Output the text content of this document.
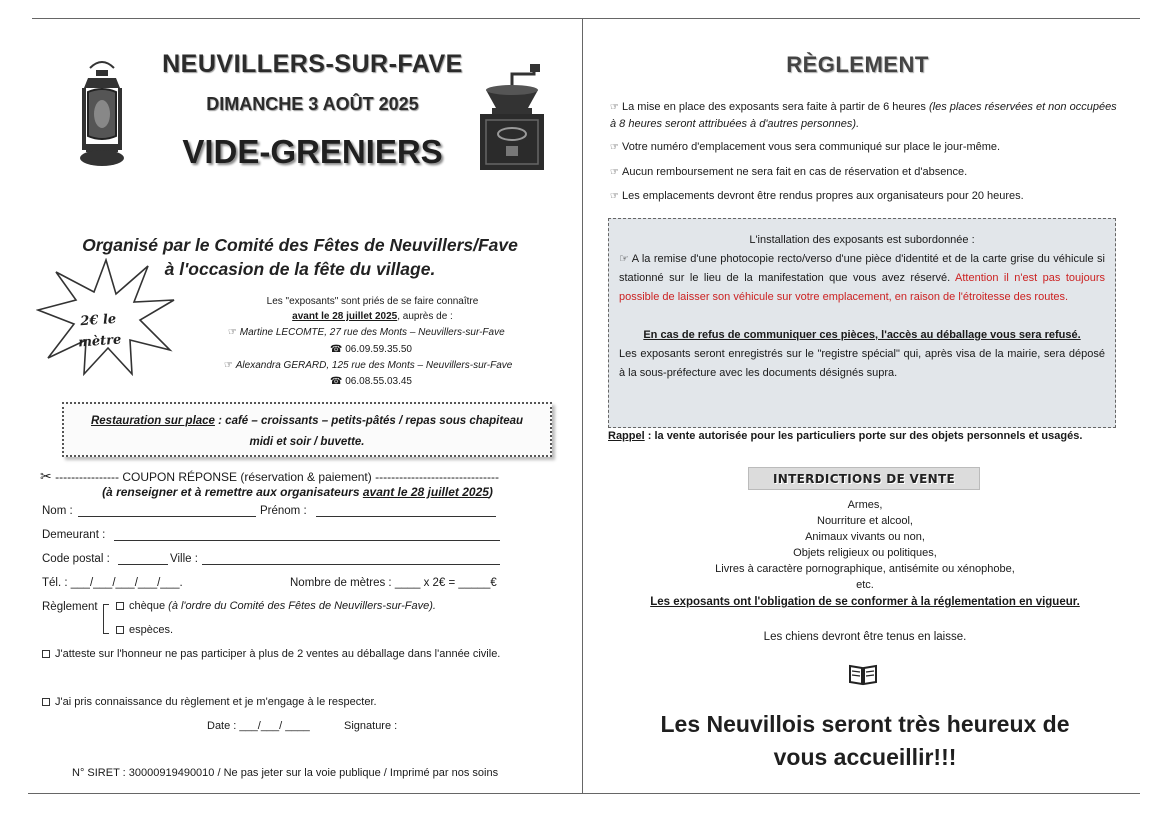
NEUVILLERS-SUR-FAVE
DIMANCHE 3 AOÛT 2025
VIDE-GRENIERS
Organisé par le Comité des Fêtes de Neuvillers/Fave
à l'occasion de la fête du village.
2€ le
mètre
Les "exposants" sont priés de se faire connaître
avant le 28 juillet 2025, auprès de :
☞ Martine LECOMTE, 27 rue des Monts – Neuvillers-sur-Fave
☎ 06.09.59.35.50
☞ Alexandra GERARD, 125 rue des Monts – Neuvillers-sur-Fave
☎ 06.08.55.03.45
Restauration sur place : café – croissants – petits-pâtés / repas sous chapiteau
midi et soir / buvette.
✂ ---------------- COUPON RÉPONSE (réservation & paiement) -------------------------------
(à renseigner et à remettre aux organisateurs avant le 28 juillet 2025)
Nom :	Prénom :
Demeurant :
Code postal :	Ville :
Tél. : ___/___/___/___/___.	Nombre de mètres : ____ x 2€ = _____€
Règlement	chèque (à l'ordre du Comité des Fêtes de Neuvillers-sur-Fave).
espèces.
J'atteste sur l'honneur ne pas participer à plus de 2 ventes au déballage dans l'année civile.
J'ai pris connaissance du règlement et je m'engage à le respecter.
Date : ___/___/ ____	Signature :
N° SIRET : 30000919490010 / Ne pas jeter sur la voie publique / Imprimé par nos soins
RÈGLEMENT
☞ La mise en place des exposants sera faite à partir de 6 heures (les places réservées et non occupées à 8 heures seront attribuées à d'autres personnes).
☞ Votre numéro d'emplacement vous sera communiqué sur place le jour-même.
☞ Aucun remboursement ne sera fait en cas de réservation et d'absence.
☞ Les emplacements devront être rendus propres aux organisateurs pour 20 heures.
L'installation des exposants est subordonnée :
☞ A la remise d'une photocopie recto/verso d'une pièce d'identité et de la carte grise du véhicule si stationné sur le lieu de la manifestation que vous avez réservé. Attention il n'est pas toujours possible de laisser son véhicule sur votre emplacement, en raison de l'étroitesse des routes.
En cas de refus de communiquer ces pièces, l'accès au déballage vous sera refusé.
Les exposants seront enregistrés sur le "registre spécial" qui, après visa de la mairie, sera déposé à la sous-préfecture avec les documents désignés supra.
Rappel : la vente autorisée pour les particuliers porte sur des objets personnels et usagés.
INTERDICTIONS DE VENTE
Armes,
Nourriture et alcool,
Animaux vivants ou non,
Objets religieux ou politiques,
Livres à caractère pornographique, antisémite ou xénophobe,
etc.
Les exposants ont l'obligation de se conformer à la réglementation en vigueur.
Les chiens devront être tenus en laisse.
Les Neuvillois seront très heureux de
vous accueillir!!!
